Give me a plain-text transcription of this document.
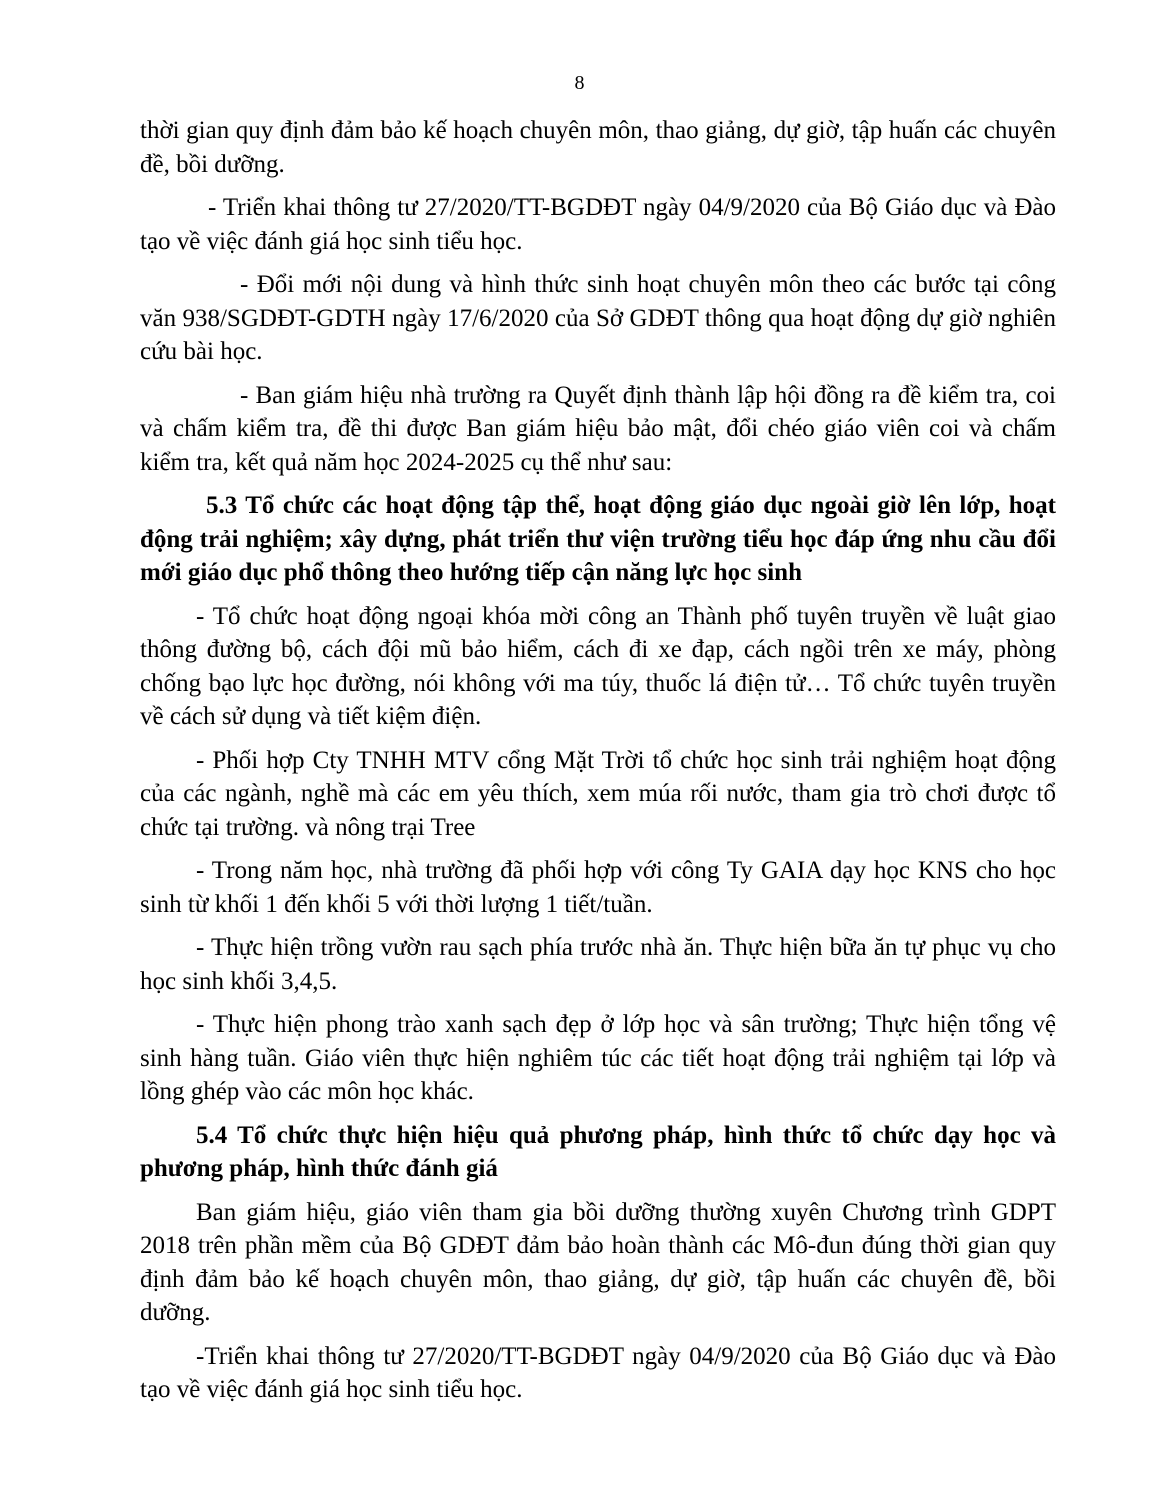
8

thời gian quy định đảm bảo kế hoạch chuyên môn, thao giảng, dự giờ, tập huấn các chuyên đề, bồi dưỡng.

- Triển khai thông tư 27/2020/TT-BGDĐT ngày 04/9/2020 của Bộ Giáo dục và Đào tạo về việc đánh giá học sinh tiểu học.

- Đổi mới nội dung và hình thức sinh hoạt chuyên môn theo các bước tại công văn 938/SGDĐT-GDTH ngày 17/6/2020 của Sở GDĐT thông qua hoạt động dự giờ nghiên cứu bài học.

- Ban giám hiệu nhà trường ra Quyết định thành lập hội đồng ra đề kiểm tra, coi và chấm kiểm tra, đề thi được Ban giám hiệu bảo mật, đổi chéo giáo viên coi và chấm kiểm tra, kết quả năm học 2024-2025 cụ thể như sau:

5.3 Tổ chức các hoạt động tập thể, hoạt động giáo dục ngoài giờ lên lớp, hoạt động trải nghiệm; xây dựng, phát triển thư viện trường tiểu học đáp ứng nhu cầu đổi mới giáo dục phổ thông theo hướng tiếp cận năng lực học sinh

- Tổ chức hoạt động ngoại khóa mời công an Thành phố tuyên truyền về luật giao thông đường bộ, cách đội mũ bảo hiểm, cách đi xe đạp, cách ngồi trên xe máy, phòng chống bạo lực học đường, nói không với ma túy, thuốc lá điện tử… Tổ chức tuyên truyền về cách sử dụng và tiết kiệm điện.

- Phối hợp Cty TNHH MTV cổng Mặt Trời tổ chức học sinh trải nghiệm hoạt động của các ngành, nghề mà các em yêu thích, xem múa rối nước, tham gia trò chơi được tổ chức tại trường. và nông trại Tree

- Trong năm học, nhà trường đã phối hợp với công Ty GAIA dạy học KNS cho học sinh từ khối 1 đến khối 5 với thời lượng 1 tiết/tuần.

- Thực hiện trồng vườn rau sạch phía trước nhà ăn. Thực hiện bữa ăn tự phục vụ cho học sinh khối 3,4,5.

- Thực hiện phong trào xanh sạch đẹp ở lớp học và sân trường; Thực hiện tổng vệ sinh hàng tuần. Giáo viên thực hiện nghiêm túc các tiết hoạt động trải nghiệm tại lớp và lồng ghép vào các môn học khác.

5.4 Tổ chức thực hiện hiệu quả phương pháp, hình thức tổ chức dạy học và phương pháp, hình thức đánh giá

Ban giám hiệu, giáo viên tham gia bồi dưỡng thường xuyên Chương trình GDPT 2018 trên phần mềm của Bộ GDĐT đảm bảo hoàn thành các Mô-đun đúng thời gian quy định đảm bảo kế hoạch chuyên môn, thao giảng, dự giờ, tập huấn các chuyên đề, bồi dưỡng.

-Triển khai thông tư 27/2020/TT-BGDĐT ngày 04/9/2020 của Bộ Giáo dục và Đào tạo về việc đánh giá học sinh tiểu học.
